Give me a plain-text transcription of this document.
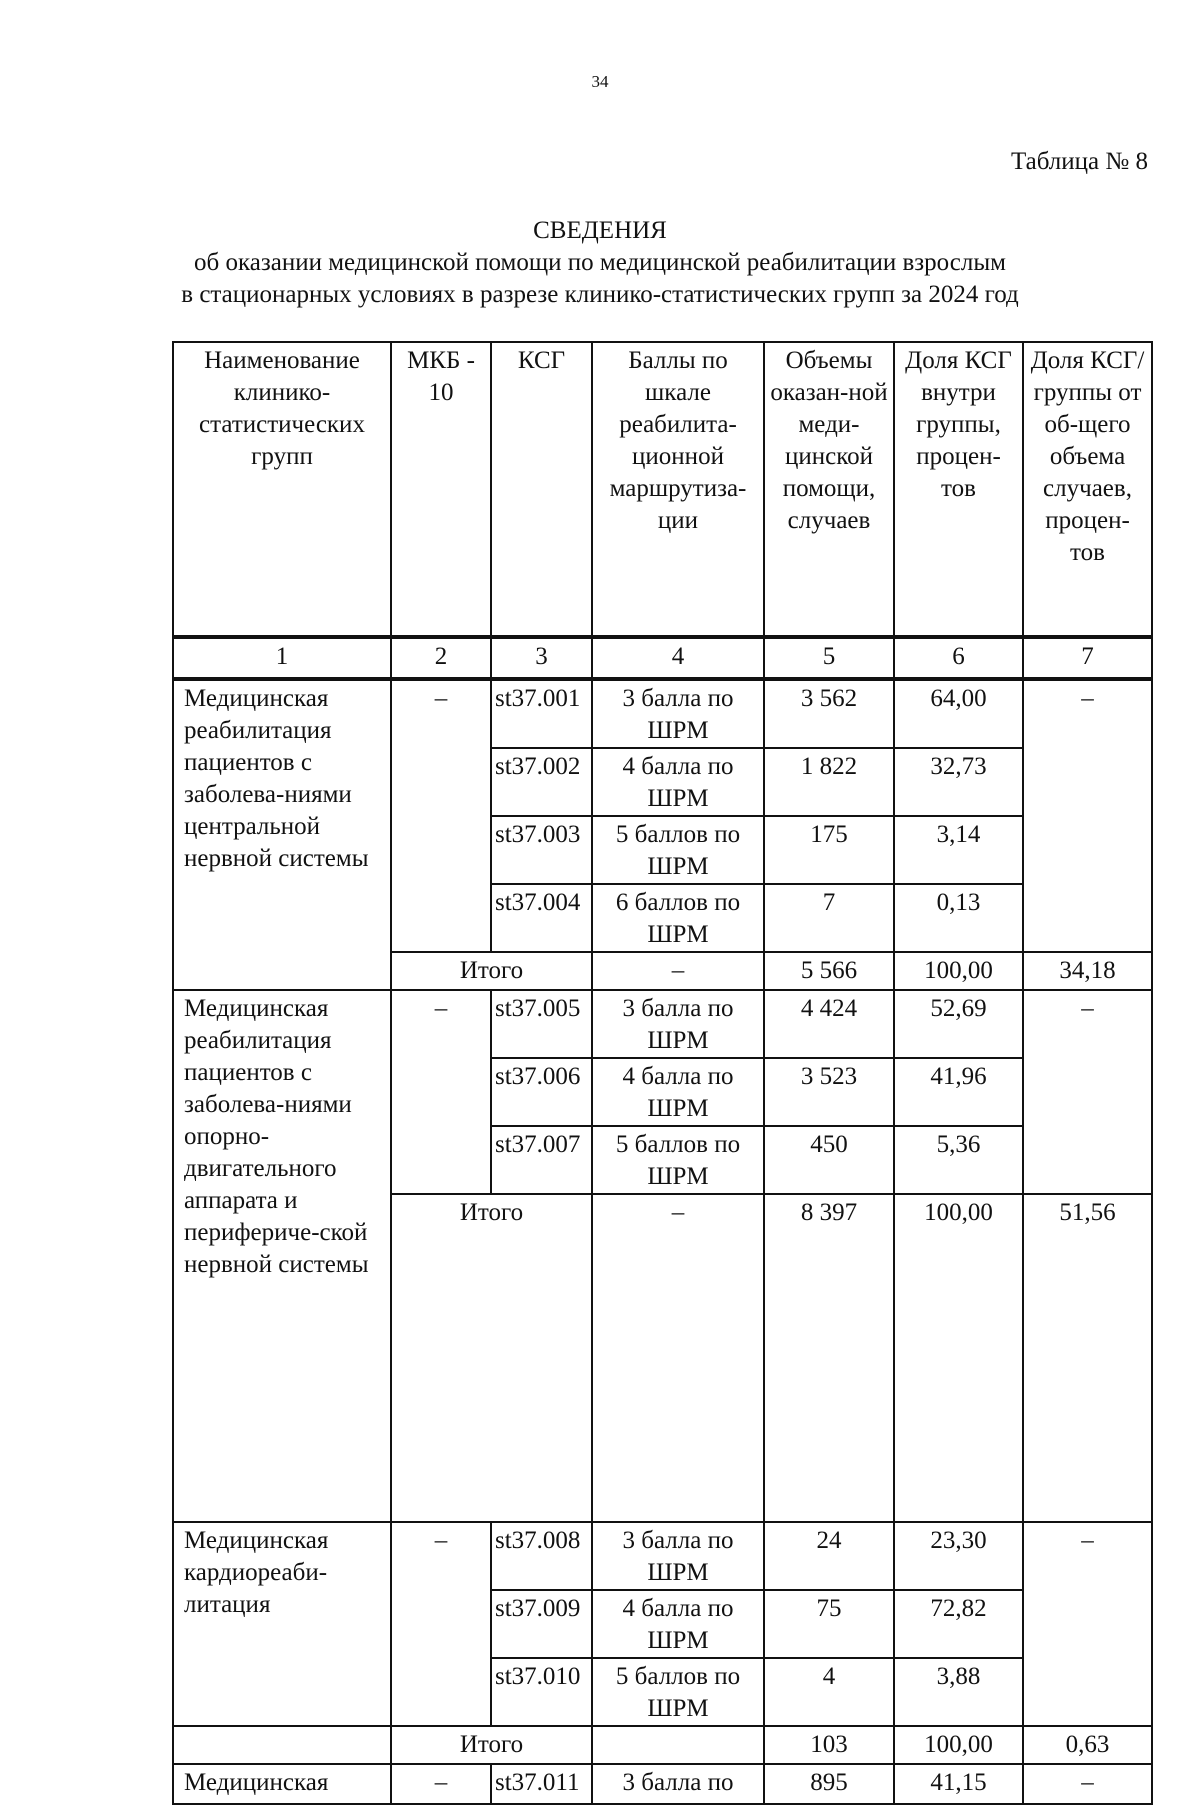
34
Таблица № 8
СВЕДЕНИЯ
об оказании медицинской помощи по медицинской реабилитации взрослым
в стационарных условиях в разрезе клинико-статистических групп за 2024 год
Наименование клинико-статистических групп	МКБ - 10	КСГ	Баллы по шкале реабилита-ционной маршрутиза-ции	Объемы оказан-ной меди-цинской помощи, случаев	Доля КСГ внутри группы, процен-тов	Доля КСГ/ группы от об-щего объема случаев, процен-тов
1	2	3	4	5	6	7
Медицинская реабилитация пациентов с заболева-ниями центральной нервной системы	–	st37.001	3 балла по ШРМ	3 562	64,00	–
		st37.002	4 балла по ШРМ	1 822	32,73	
		st37.003	5 баллов по ШРМ	175	3,14	
		st37.004	6 баллов по ШРМ	7	0,13	
	Итого		–	5 566	100,00	34,18
Медицинская реабилитация пациентов с заболева-ниями опорно-двигательного аппарата и периферичe-ской нервной системы	–	st37.005	3 балла по ШРМ	4 424	52,69	–
		st37.006	4 балла по ШРМ	3 523	41,96	
		st37.007	5 баллов по ШРМ	450	5,36	
	Итого		–	8 397	100,00	51,56
Медицинская кардиореаби-литация	–	st37.008	3 балла по ШРМ	24	23,30	–
		st37.009	4 балла по ШРМ	75	72,82	
		st37.010	5 баллов по ШРМ	4	3,88	
	Итого			103	100,00	0,63
Медицинская	–	st37.011	3 балла по	895	41,15	–
